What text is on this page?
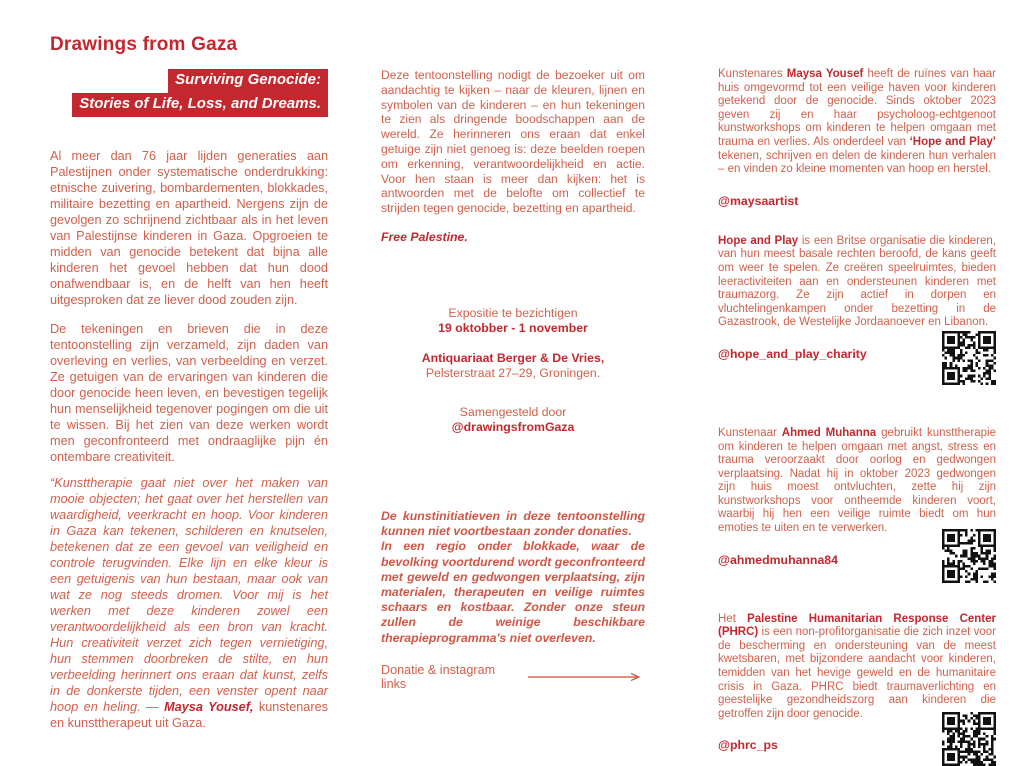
Drawings from Gaza
Surviving Genocide:
Stories of Life, Loss, and Dreams.

Al meer dan 76 jaar lijden generaties aan Palestijnen onder systematische onderdrukking: etnische zuivering, bombardementen, blokkades, militaire bezetting en apartheid. Nergens zijn de gevolgen zo schrijnend zichtbaar als in het leven van Palestijnse kinderen in Gaza. Opgroeien te midden van genocide betekent dat bijna alle kinderen het gevoel hebben dat hun dood onafwendbaar is, en de helft van hen heeft uitgesproken dat ze liever dood zouden zijn.

De tekeningen en brieven die in deze tentoonstelling zijn verzameld, zijn daden van overleving en verlies, van verbeelding en verzet. Ze getuigen van de ervaringen van kinderen die door genocide heen leven, en bevestigen tegelijk hun menselijkheid tegenover pogingen om die uit te wissen. Bij het zien van deze werken wordt men geconfronteerd met ondraaglijke pijn én ontembare creativiteit.

“Kunsttherapie gaat niet over het maken van mooie objecten; het gaat over het herstellen van waardigheid, veerkracht en hoop. Voor kinderen in Gaza kan tekenen, schilderen en knutselen, betekenen dat ze een gevoel van veiligheid en controle terugvinden. Elke lijn en elke kleur is een getuigenis van hun bestaan, maar ook van wat ze nog steeds dromen. Voor mij is het werken met deze kinderen zowel een verantwoordelijkheid als een bron van kracht. Hun creativiteit verzet zich tegen vernietiging, hun stemmen doorbreken de stilte, en hun verbeelding herinnert ons eraan dat kunst, zelfs in de donkerste tijden, een venster opent naar hoop en heling. — Maysa Yousef, kunstenares en kunsttherapeut uit Gaza.

Deze tentoonstelling nodigt de bezoeker uit om aandachtig te kijken – naar de kleuren, lijnen en symbolen van de kinderen – en hun tekeningen te zien als dringende boodschappen aan de wereld. Ze herinneren ons eraan dat enkel getuige zijn niet genoeg is: deze beelden roepen om erkenning, verantwoordelijkheid en actie. Voor hen staan is meer dan kijken: het is antwoorden met de belofte om collectief te strijden tegen genocide, bezetting en apartheid.

Free Palestine.
Expositie te bezichtigen
19 oktobber - 1 november
Antiquariaat Berger & De Vries,
Pelsterstraat 27–29, Groningen.
Samengesteld door
@drawingsfromGaza

De kunstinitiatieven in deze tentoonstelling kunnen niet voortbestaan zonder donaties.

In een regio onder blokkade, waar de bevolking voortdurend wordt geconfronteerd met geweld en gedwongen verplaatsing, zijn materialen, therapeuten en veilige ruimtes schaars en kostbaar. Zonder onze steun zullen de weinige beschikbare therapieprogramma's niet overleven.

Donatie & instagram links

Kunstenares Maysa Yousef heeft de ruïnes van haar huis omgevormd tot een veilige haven voor kinderen getekend door de genocide. Sinds oktober 2023 geven zij en haar psycholoog-echtgenoot kunstworkshops om kinderen te helpen omgaan met trauma en verlies. Als onderdeel van ‘Hope and Play’ tekenen, schrijven en delen de kinderen hun verhalen – en vinden zo kleine momenten van hoop en herstel.

@maysaartist

Hope and Play is een Britse organisatie die kinderen, van hun meest basale rechten beroofd, de kans geeft om weer te spelen. Ze creëren speelruimtes, bieden leeractiviteiten aan en ondersteunen kinderen met traumazorg. Ze zijn actief in dorpen en vluchtelingenkampen onder bezetting in de Gazastrook, de Westelijke Jordaanoever en Libanon.

@hope_and_play_charity

Kunstenaar Ahmed Muhanna gebruikt kunsttherapie om kinderen te helpen omgaan met angst, stress en trauma veroorzaakt door oorlog en gedwongen verplaatsing. Nadat hij in oktober 2023 gedwongen zijn huis moest ontvluchten, zette hij zijn kunstworkshops voor ontheemde kinderen voort, waarbij hij hen een veilige ruimte biedt om hun emoties te uiten en te verwerken.

@ahmedmuhanna84

Het Palestine Humanitarian Response Center (PHRC) is een non-profitorganisatie die zich inzet voor de bescherming en ondersteuning van de meest kwetsbaren, met bijzondere aandacht voor kinderen, temidden van het hevige geweld en de humanitaire crisis in Gaza. PHRC biedt traumaverlichting en geestelijke gezondheidszorg aan kinderen die getroffen zijn door genocide.

@phrc_ps
